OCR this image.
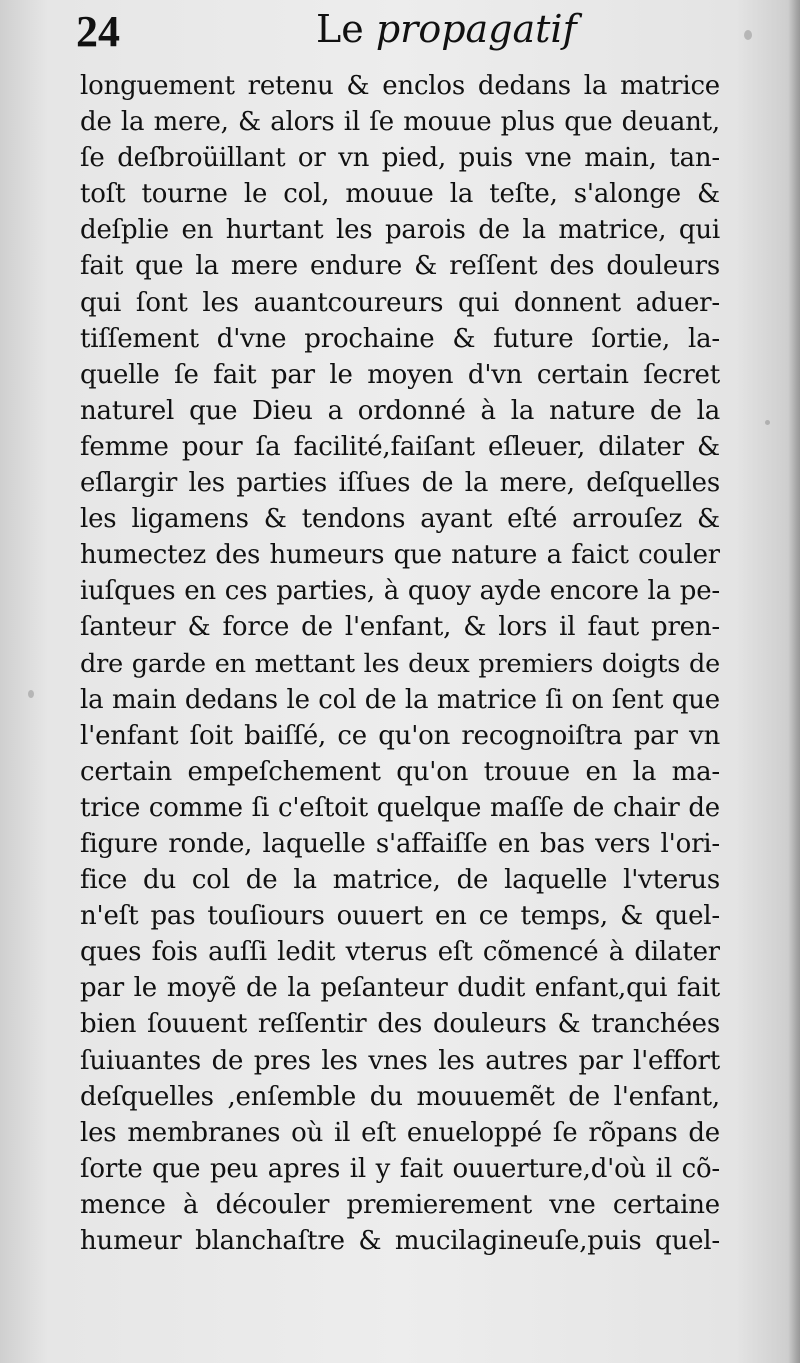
24	Le propagatif
longuement retenu & enclos dedans la matrice
de la mere, & alors il ſe mouue plus que deuant,
ſe deſbroüillant or vn pied, puis vne main, tan-
toſt tourne le col, mouue la teſte, s'alonge &
deſplie en hurtant les parois de la matrice, qui
fait que la mere endure & reſſent des douleurs
qui ſont les auantcoureurs qui donnent aduer-
tiſſement d'vne prochaine & future ſortie, la-
quelle ſe fait par le moyen d'vn certain ſecret
naturel que Dieu a ordonné à la nature de la
femme pour ſa facilité,faiſant eſleuer, dilater &
eſlargir les parties iſſues de la mere, deſquelles
les ligamens & tendons ayant eſté arrouſez &
humectez des humeurs que nature a faict couler
iuſques en ces parties, à quoy ayde encore la pe-
ſanteur & force de l'enfant, & lors il faut pren-
dre garde en mettant les deux premiers doigts de
la main dedans le col de la matrice ſi on ſent que
l'enfant ſoit baiſſé, ce qu'on recognoiſtra par vn
certain empeſchement qu'on trouue en la ma-
trice comme ſi c'eſtoit quelque maſſe de chair de
figure ronde, laquelle s'affaiſſe en bas vers l'ori-
fice du col de la matrice, de laquelle l'vterus
n'eſt pas touſiours ouuert en ce temps, & quel-
ques fois auſſi ledit vterus eſt cõmencé à dilater
par le moyẽ de la peſanteur dudit enfant,qui fait
bien ſouuent reſſentir des douleurs & tranchées
ſuiuantes de pres les vnes les autres par l'effort
deſquelles ,enſemble du mouuemẽt de l'enfant,
les membranes où il eſt enueloppé ſe rõpans de
ſorte que peu apres il y fait ouuerture,d'où il cõ-
mence à découler premierement vne certaine
humeur blanchaſtre & mucilagineuſe,puis quel-
